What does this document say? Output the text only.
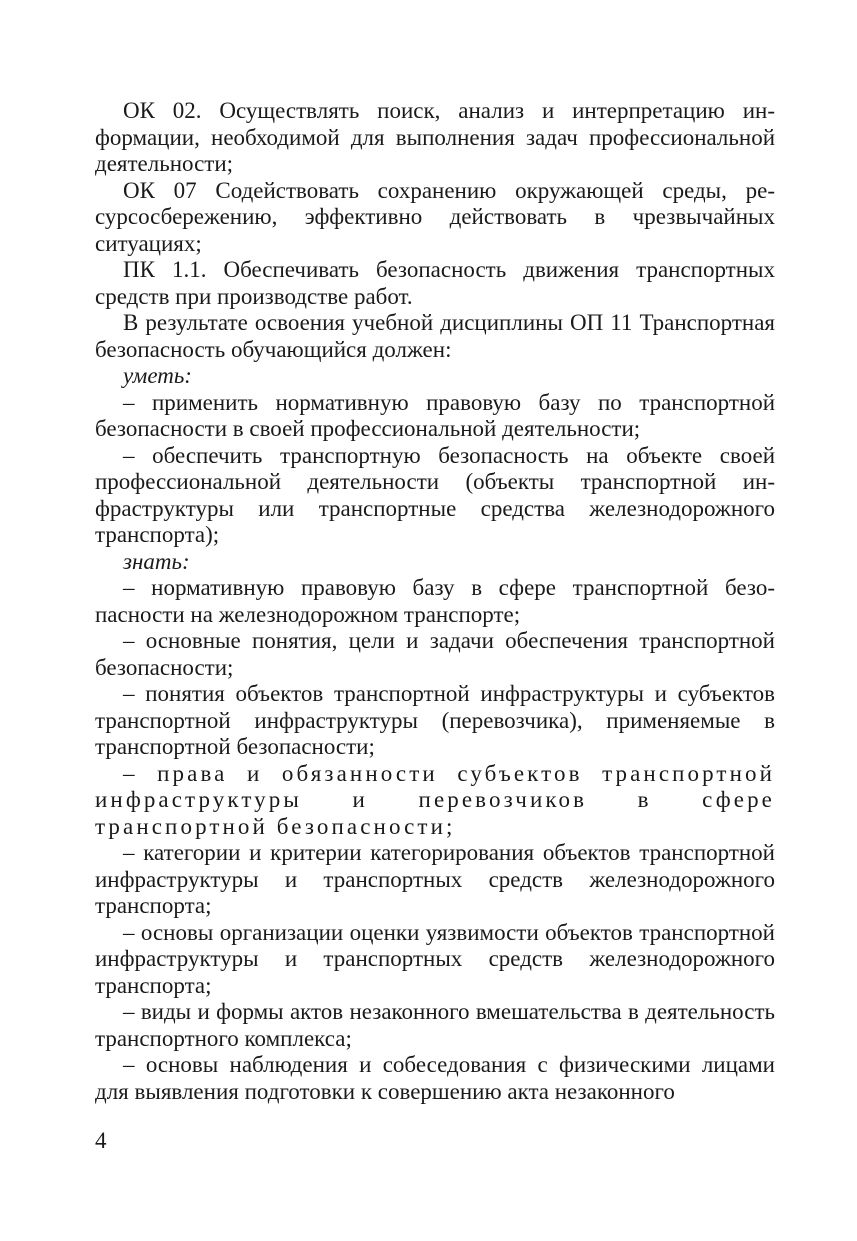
ОК 02. Осуществлять поиск, анализ и интерпретацию информации, необходимой для выполнения задач профессиональной деятельности;

ОК 07 Содействовать сохранению окружающей среды, ресурсосбережению, эффективно действовать в чрезвычайных ситуациях;

ПК 1.1. Обеспечивать безопасность движения транспортных средств при производстве работ.

В результате освоения учебной дисциплины ОП 11 Транспортная безопасность обучающийся должен:

уметь:

– применить нормативную правовую базу по транспортной безопасности в своей профессиональной деятельности;

– обеспечить транспортную безопасность на объекте своей профессиональной деятельности (объекты транспортной инфраструктуры или транспортные средства железнодорожного транспорта);

знать:

– нормативную правовую базу в сфере транспортной безопасности на железнодорожном транспорте;

– основные понятия, цели и задачи обеспечения транспортной безопасности;

– понятия объектов транспортной инфраструктуры и субъектов транспортной инфраструктуры (перевозчика), применяемые в транспортной безопасности;

– права и обязанности субъектов транспортной инфраструктуры и перевозчиков в сфере транспортной безопасности;

– категории и критерии категорирования объектов транспортной инфраструктуры и транспортных средств железнодорожного транспорта;

– основы организации оценки уязвимости объектов транспортной инфраструктуры и транспортных средств железнодорожного транспорта;

– виды и формы актов незаконного вмешательства в деятельность транспортного комплекса;

– основы наблюдения и собеседования с физическими лицами для выявления подготовки к совершению акта незаконного

4
